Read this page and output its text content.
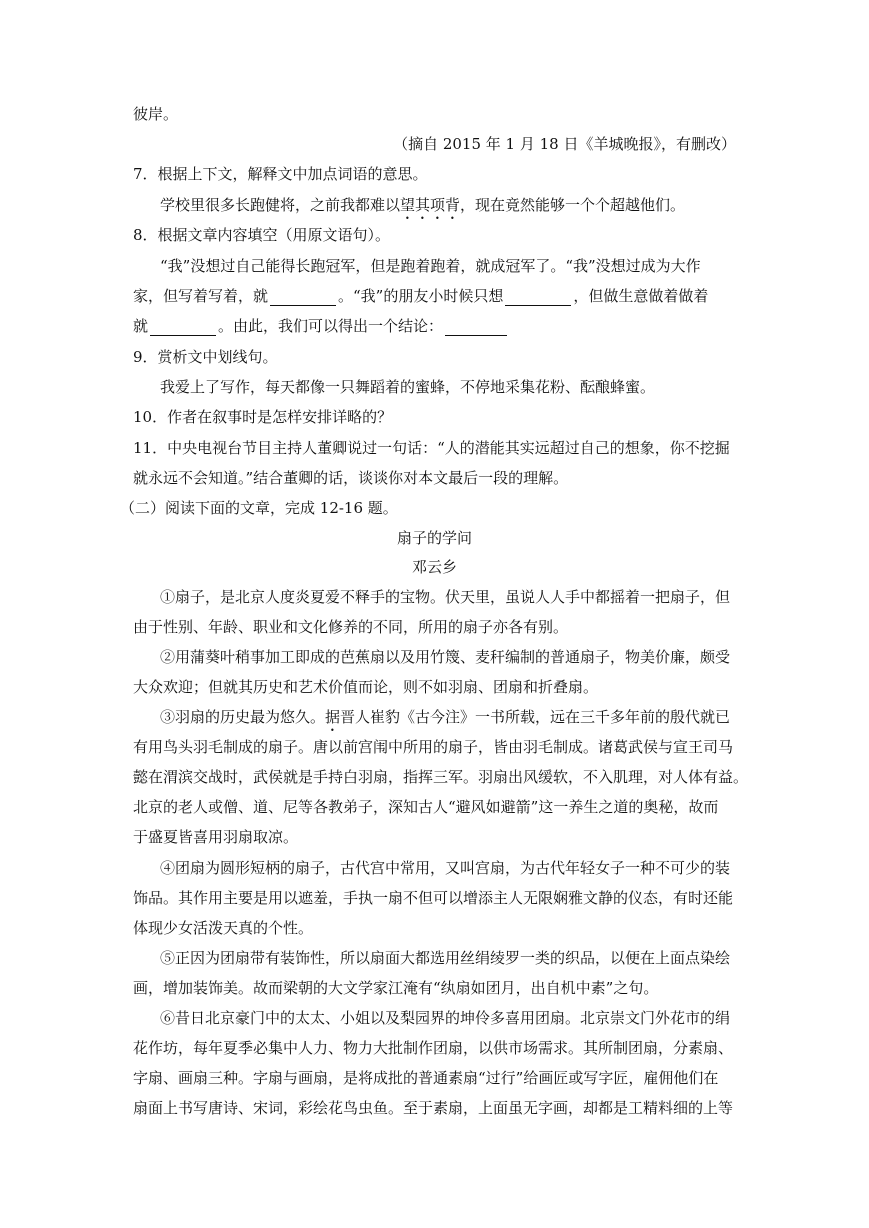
彼岸。
（摘自 2015 年 1 月 18 日《羊城晚报》，有删改）
7．根据上下文，解释文中加点词语的意思。
学校里很多长跑健将，之前我都难以望其项背，现在竟然能够一个个超越他们。
8．根据文章内容填空（用原文语句）。
“我”没想过自己能得长跑冠军，但是跑着跑着，就成冠军了。“我”没想过成为大作
家，但写着写着，就	。“我”的朋友小时候只想	，但做生意做着做着
就	。由此，我们可以得出一个结论：
9．赏析文中划线句。
我爱上了写作，每天都像一只舞蹈着的蜜蜂，不停地采集花粉、酝酿蜂蜜。
10．作者在叙事时是怎样安排详略的？
11．中央电视台节目主持人董卿说过一句话：“人的潜能其实远超过自己的想象，你不挖掘
就永远不会知道。”结合董卿的话，谈谈你对本文最后一段的理解。
（二）阅读下面的文章，完成 12-16 题。
扇子的学问
邓云乡
①扇子，是北京人度炎夏爱不释手的宝物。伏天里，虽说人人手中都摇着一把扇子，但
由于性别、年龄、职业和文化修养的不同，所用的扇子亦各有别。
②用蒲葵叶稍事加工即成的芭蕉扇以及用竹篾、麦秆编制的普通扇子，物美价廉，颇受
大众欢迎；但就其历史和艺术价值而论，则不如羽扇、团扇和折叠扇。
③羽扇的历史最为悠久。据晋人崔豹《古今注》一书所载，远在三千多年前的殷代就已
有用鸟头羽毛制成的扇子。唐以前宫闱中所用的扇子，皆由羽毛制成。诸葛武侯与宣王司马
懿在渭滨交战时，武侯就是手持白羽扇，指挥三军。羽扇出风缓软，不入肌理，对人体有益。
北京的老人或僧、道、尼等各教弟子，深知古人“避风如避箭”这一养生之道的奥秘，故而
于盛夏皆喜用羽扇取凉。
④团扇为圆形短柄的扇子，古代宫中常用，又叫宫扇，为古代年轻女子一种不可少的装
饰品。其作用主要是用以遮羞，手执一扇不但可以增添主人无限娴雅文静的仪态，有时还能
体现少女活泼天真的个性。
⑤正因为团扇带有装饰性，所以扇面大都选用丝绢绫罗一类的织品，以便在上面点染绘
画，增加装饰美。故而梁朝的大文学家江淹有“纨扇如团月，出自机中素”之句。
⑥昔日北京豪门中的太太、小姐以及梨园界的坤伶多喜用团扇。北京崇文门外花市的绢
花作坊，每年夏季必集中人力、物力大批制作团扇，以供市场需求。其所制团扇，分素扇、
字扇、画扇三种。字扇与画扇，是将成批的普通素扇“过行”给画匠或写字匠，雇佣他们在
扇面上书写唐诗、宋词，彩绘花鸟虫鱼。至于素扇，上面虽无字画，却都是工精料细的上等
